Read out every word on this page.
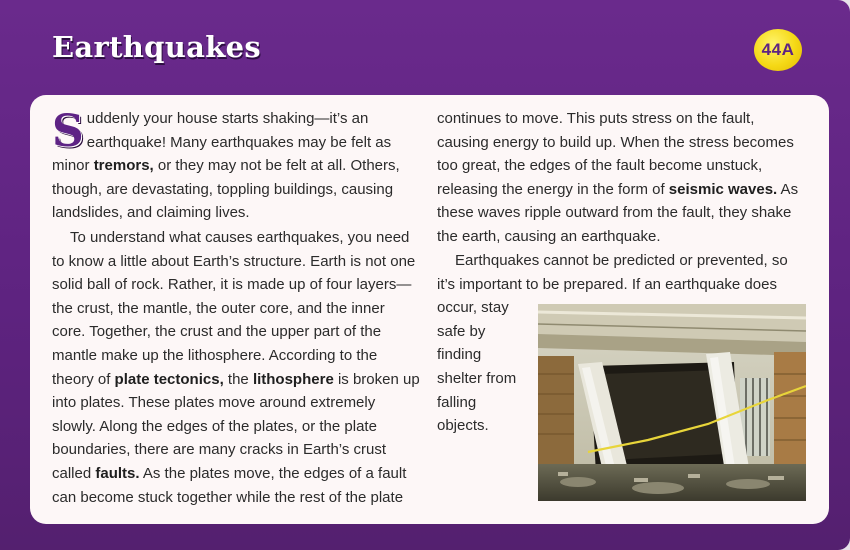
Earthquakes	44A
S uddenly your house starts shaking—it’s an
earthquake! Many earthquakes may be felt as
minor tremors, or they may not be felt at all. Others, though, are devastating, toppling buildings, causing landslides, and claiming lives.
To understand what causes earthquakes, you need to know a little about Earth’s structure. Earth is not one solid ball of rock. Rather, it is made up of four layers—the crust, the mantle, the outer core, and the inner core. Together, the crust and the upper part of the mantle make up the lithosphere. According to the theory of plate tectonics, the lithosphere is broken up into plates. These plates move around extremely slowly. Along the edges of the plates, or the plate boundaries, there are many cracks in Earth’s crust called faults. As the plates move, the edges of a fault can become stuck together while the rest of the plate
continues to move. This puts stress on the fault, causing energy to build up. When the stress becomes too great, the edges of the fault become unstuck, releasing the energy in the form of seismic waves. As these waves ripple outward from the fault, they shake the earth, causing an earthquake.
Earthquakes cannot be predicted or prevented, so
it’s important to be prepared. If an earthquake does
occur, stay
safe by
finding
shelter from
falling
objects.
